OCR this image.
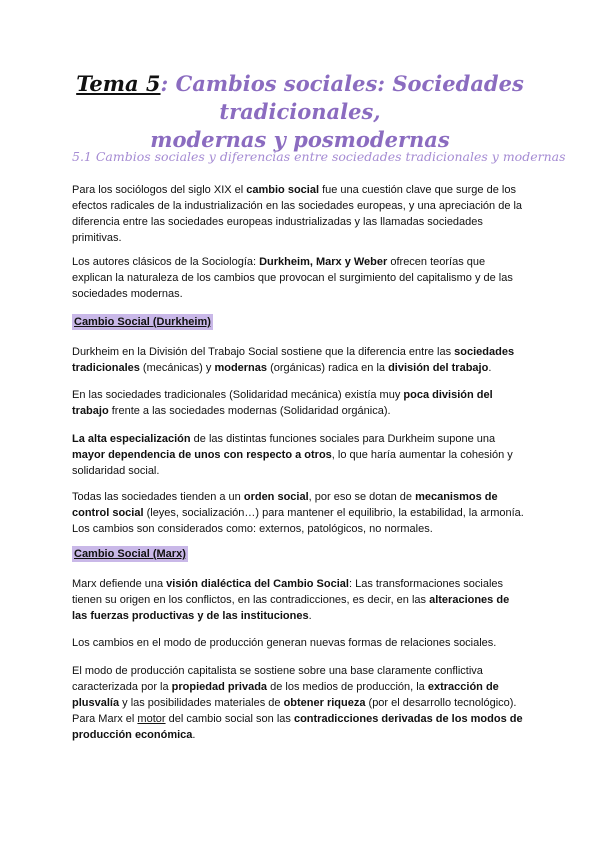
Tema 5: Cambios sociales: Sociedades tradicionales,
modernas y posmodernas
5.1 Cambios sociales y diferencias entre sociedades tradicionales y modernas
Para los sociólogos del siglo XIX el cambio social fue una cuestión clave que surge de los efectos radicales de la industrialización en las sociedades europeas, y una apreciación de la diferencia entre las sociedades europeas industrializadas y las llamadas sociedades primitivas.
Los autores clásicos de la Sociología: Durkheim, Marx y Weber ofrecen teorías que explican la naturaleza de los cambios que provocan el surgimiento del capitalismo y de las sociedades modernas.
Cambio Social (Durkheim)
Durkheim en la División del Trabajo Social sostiene que la diferencia entre las sociedades tradicionales (mecánicas) y modernas (orgánicas) radica en la división del trabajo.
En las sociedades tradicionales (Solidaridad mecánica) existía muy poca división del trabajo frente a las sociedades modernas (Solidaridad orgánica).
La alta especialización de las distintas funciones sociales para Durkheim supone una mayor dependencia de unos con respecto a otros, lo que haría aumentar la cohesión y solidaridad social.
Todas las sociedades tienden a un orden social, por eso se dotan de mecanismos de control social (leyes, socialización…) para mantener el equilibrio, la estabilidad, la armonía. Los cambios son considerados como: externos, patológicos, no normales.
Cambio Social (Marx)
Marx defiende una visión dialéctica del Cambio Social: Las transformaciones sociales tienen su origen en los conflictos, en las contradicciones, es decir, en las alteraciones de las fuerzas productivas y de las instituciones.
Los cambios en el modo de producción generan nuevas formas de relaciones sociales.
El modo de producción capitalista se sostiene sobre una base claramente conflictiva caracterizada por la propiedad privada de los medios de producción, la extracción de plusvalía y las posibilidades materiales de obtener riqueza (por el desarrollo tecnológico). Para Marx el motor del cambio social son las contradicciones derivadas de los modos de producción económica.
